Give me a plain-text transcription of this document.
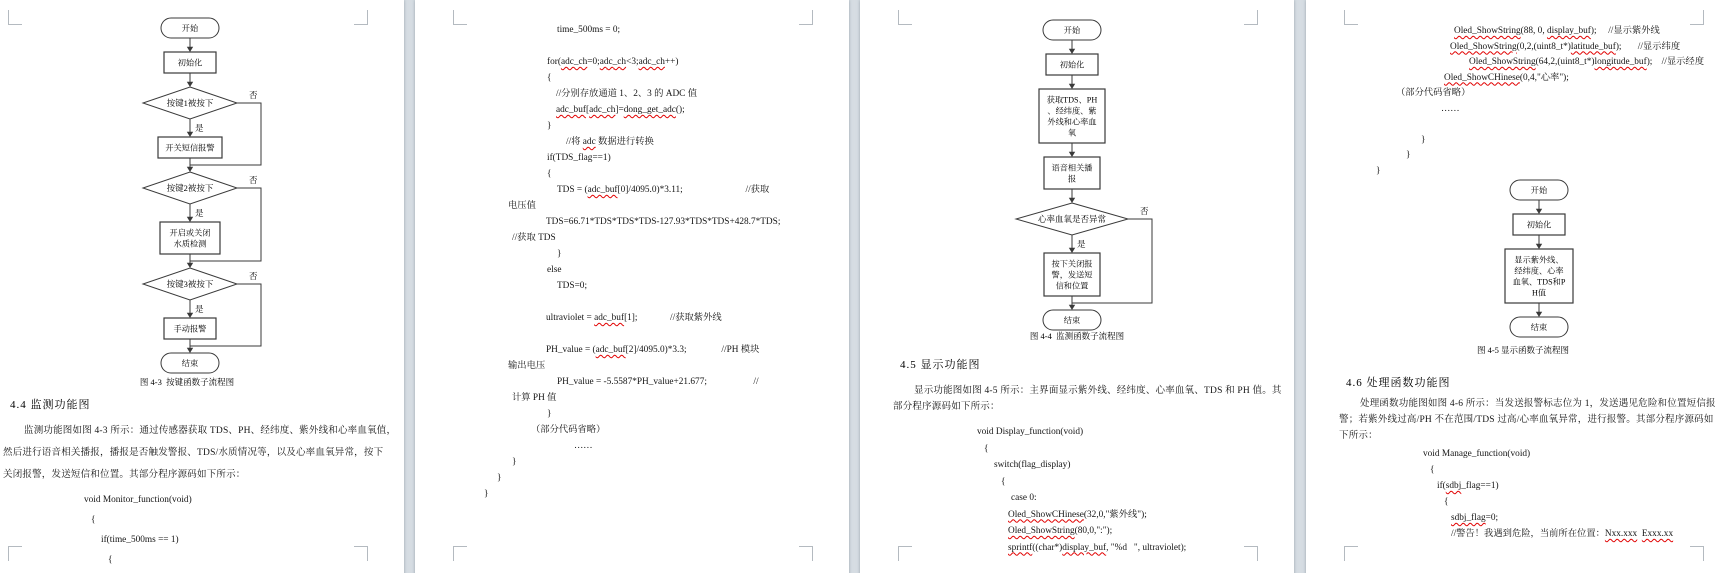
否
是
否
是
否
是
开始
初始化
按键1被按下
开关短信报警
按键2被按下
开启或关闭水质检测
按键3被按下
手动报警
结束
图 4-3  按键函数子流程图
4.4 监测功能图
监测功能图如图 4-3 所示：通过传感器获取 TDS、PH、经纬度、紫外线和心率血氧值，
然后进行语音相关播报，播报是否触发警报、TDS/水质情况等，以及心率血氧异常，按下
关闭报警，发送短信和位置。其部分程序源码如下所示：
void Monitor_function(void)
{
if(time_500ms == 1)
{
time_500ms = 0;

for(adc_ch=0;adc_ch<3;adc_ch++)
{
//分别存放通道 1、2、3 的 ADC 值
adc_buf[adc_ch]=dong_get_adc();
}
//将 adc 数据进行转换
if(TDS_flag==1)
{
TDS = (adc_buf[0]/4095.0)*3.11;                           //获取
电压值
TDS=66.71*TDS*TDS*TDS-127.93*TDS*TDS+428.7*TDS;
//获取 TDS
}
else
TDS=0;

ultraviolet = adc_buf[1];              //获取紫外线

PH_value = (adc_buf[2]/4095.0)*3.3;               //PH 模块
输出电压
PH_value = -5.5587*PH_value+21.677;                    //
计算 PH 值
}
（部分代码省略）
……
}
}
}
否
是
开始
初始化
获取TDS、PH 、经纬度、紫外线和心率血氧
语音相关播报
心率血氧是否异常
按下关闭报警，发送短信和位置
结束
图 4-4  监测函数子流程图
4.5 显示功能图
显示功能图如图 4-5 所示：主界面显示紫外线、经纬度、心率血氧、TDS 和 PH 值。其
部分程序源码如下所示：
void Display_function(void)
{
switch(flag_display)
{
case 0:
Oled_ShowCHinese(32,0,"紫外线");
Oled_ShowString(80,0,":");
sprintf((char*)display_buf, "%d   ", ultraviolet);
Oled_ShowString(88, 0, display_buf);     //显示紫外线
Oled_ShowString(0,2,(uint8_t*)latitude_buf);       //显示纬度
Oled_ShowString(64,2,(uint8_t*)longitude_buf);    //显示经度
Oled_ShowCHinese(0,4,"心率");
（部分代码省略）
……

}
}
}
开始
初始化
显示紫外线、经纬度、心率血氧、TDS和P H值
结束
图 4-5 显示函数子流程图
4.6 处理函数功能图
处理函数功能图如图 4-6 所示：当发送报警标志位为 1，发送遇见危险和位置短信报
警；若紫外线过高/PH 不在范围/TDS 过高/心率血氧异常，进行报警。其部分程序源码如
下所示：
void Manage_function(void)
{
if(sdbj_flag==1)
{
sdbj_flag=0;
//警告！我遇到危险，当前所在位置：Nxx.xxx Exxx.xx
